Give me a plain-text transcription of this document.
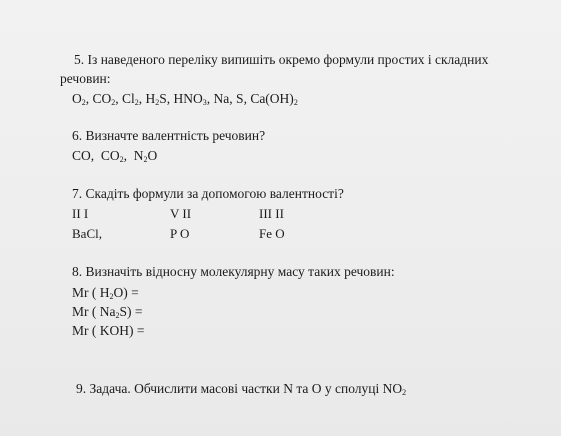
5. Із наведеного переліку випишіть окремо формули простих і складних
речовин:
$O_2$, $CO_2$, $Cl_2$, $H_2S$, $HNO_3$, Na, S, $Ca(OH)_2$
6. Визначте валентність речовин?
CO,  $CO_2$,  $N_2O$
7. Скадіть формули за допомогою валентності?
II I	V II	III II
BaCl,	P O	Fe O
8. Визначіть відносну молекулярну масу таких речовин:
Mr ( $H_2O$) =
Mr ( $Na_2S$) =
Mr ( KOH) =
9. Задача. Обчислити масові частки N та O у сполуці $NO_2$
